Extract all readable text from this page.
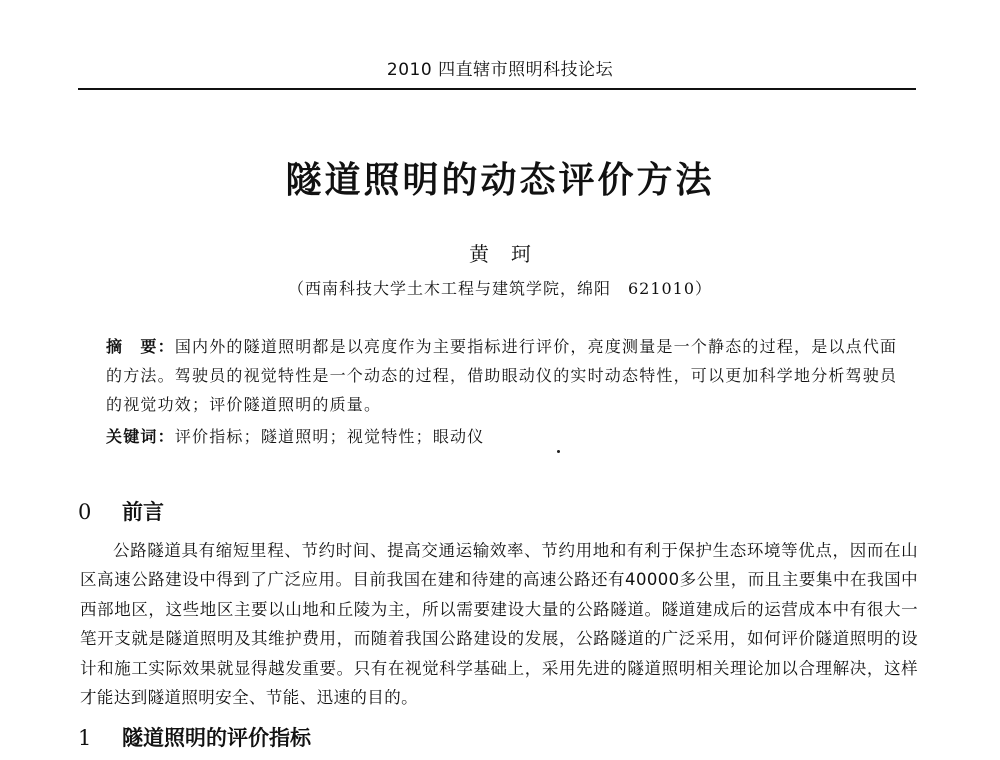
2010 四直辖市照明科技论坛
隧道照明的动态评价方法
黄珂
（西南科技大学土木工程与建筑学院，绵阳　621010）
摘　要：国内外的隧道照明都是以亮度作为主要指标进行评价，亮度测量是一个静态的过程，是以点代面的方法。驾驶员的视觉特性是一个动态的过程，借助眼动仪的实时动态特性，可以更加科学地分析驾驶员的视觉功效；评价隧道照明的质量。
关键词：评价指标；隧道照明；视觉特性；眼动仪
0 前言

公路隧道具有缩短里程、节约时间、提高交通运输效率、节约用地和有利于保护生态环境等优点，因而在山区高速公路建设中得到了广泛应用。目前我国在建和待建的高速公路还有40000多公里，而且主要集中在我国中西部地区，这些地区主要以山地和丘陵为主，所以需要建设大量的公路隧道。隧道建成后的运营成本中有很大一笔开支就是隧道照明及其维护费用，而随着我国公路建设的发展，公路隧道的广泛采用，如何评价隧道照明的设计和施工实际效果就显得越发重要。只有在视觉科学基础上，采用先进的隧道照明相关理论加以合理解决，这样才能达到隧道照明安全、节能、迅速的目的。

1 隧道照明的评价指标
